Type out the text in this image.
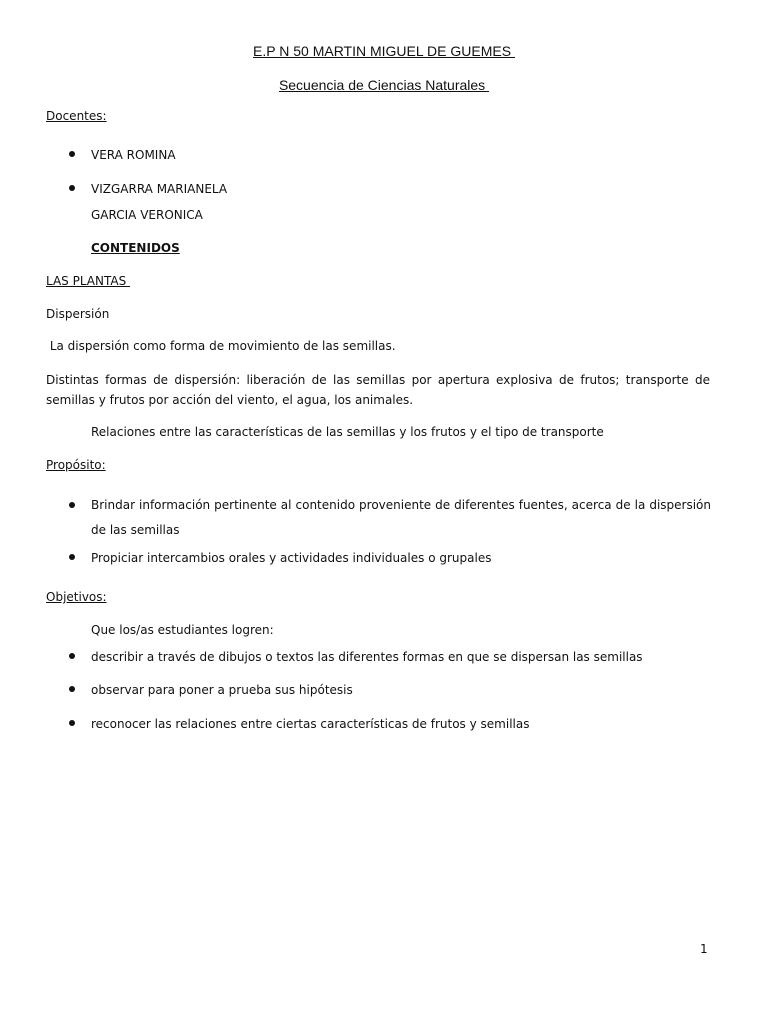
E.P N 50 MARTIN MIGUEL DE GUEMES
Secuencia de Ciencias Naturales
Docentes:
VERA ROMINA
VIZGARRA MARIANELA
GARCIA VERONICA
CONTENIDOS
LAS PLANTAS
Dispersión
La dispersión como forma de movimiento de las semillas.
Distintas formas de dispersión: liberación de las semillas por apertura explosiva de frutos; transporte de semillas y frutos por acción del viento, el agua, los animales.
Relaciones entre las características de las semillas y los frutos y el tipo de transporte
Propósito:
Brindar información pertinente al contenido proveniente de diferentes fuentes, acerca de la dispersión de las semillas
Propiciar intercambios orales y actividades individuales o grupales
Objetivos:
Que los/as estudiantes logren:
describir a través de dibujos o textos las diferentes formas en que se dispersan las semillas
observar para poner a prueba sus hipótesis
reconocer las relaciones entre ciertas características de frutos y semillas
1
